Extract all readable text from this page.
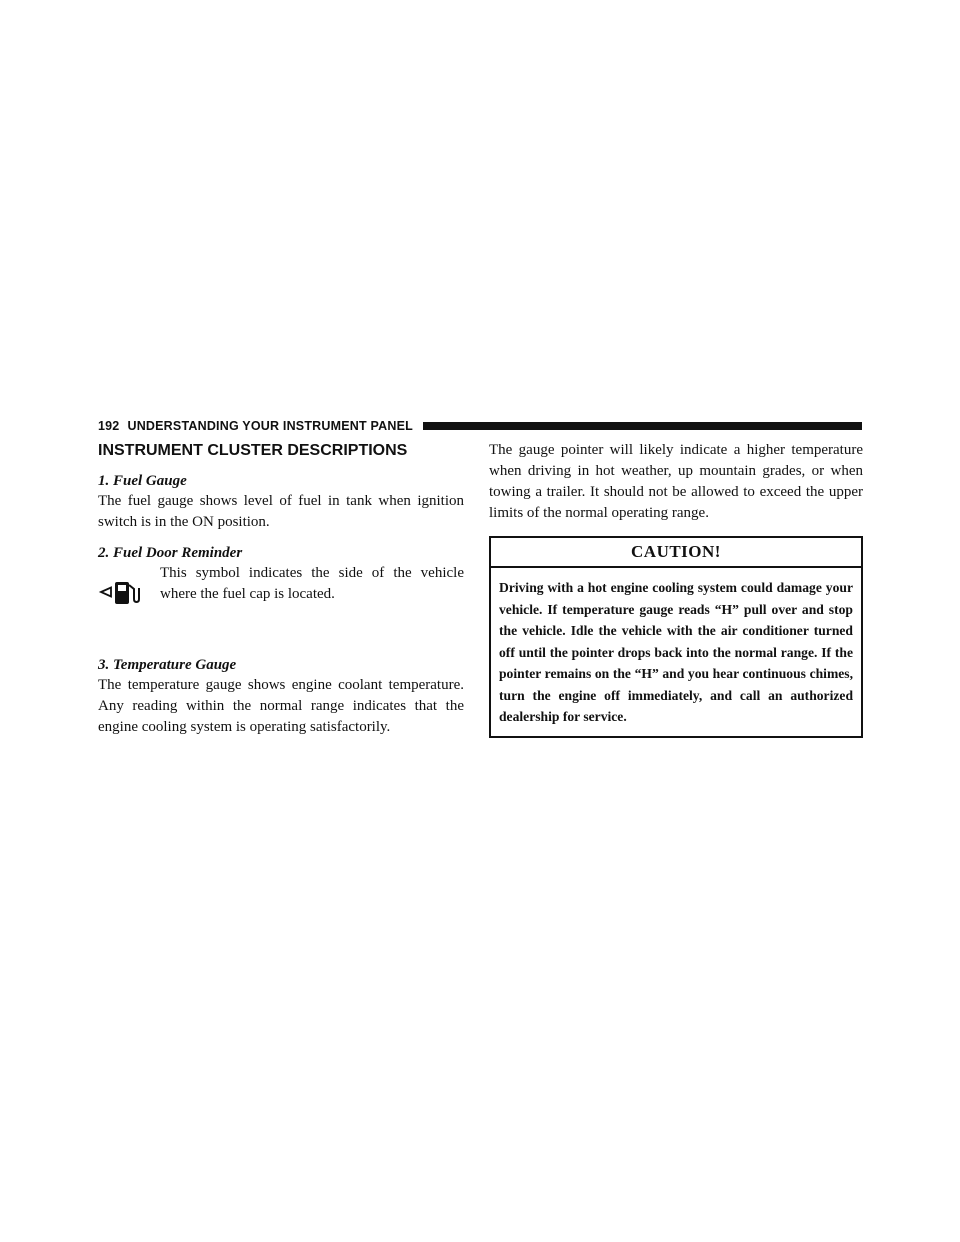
192 UNDERSTANDING YOUR INSTRUMENT PANEL
INSTRUMENT CLUSTER DESCRIPTIONS

1. Fuel Gauge

The fuel gauge shows level of fuel in tank when ignition switch is in the ON position.

2. Fuel Door Reminder

This symbol indicates the side of the vehicle where the fuel cap is located.

3. Temperature Gauge

The temperature gauge shows engine coolant temperature. Any reading within the normal range indicates that the engine cooling system is operating satisfactorily.

The gauge pointer will likely indicate a higher temperature when driving in hot weather, up mountain grades, or when towing a trailer. It should not be allowed to exceed the upper limits of the normal operating range.

CAUTION!
Driving with a hot engine cooling system could damage your vehicle. If temperature gauge reads “H” pull over and stop the vehicle. Idle the vehicle with the air conditioner turned off until the pointer drops back into the normal range. If the pointer remains on the “H” and you hear continuous chimes, turn the engine off immediately, and call an authorized dealership for service.
